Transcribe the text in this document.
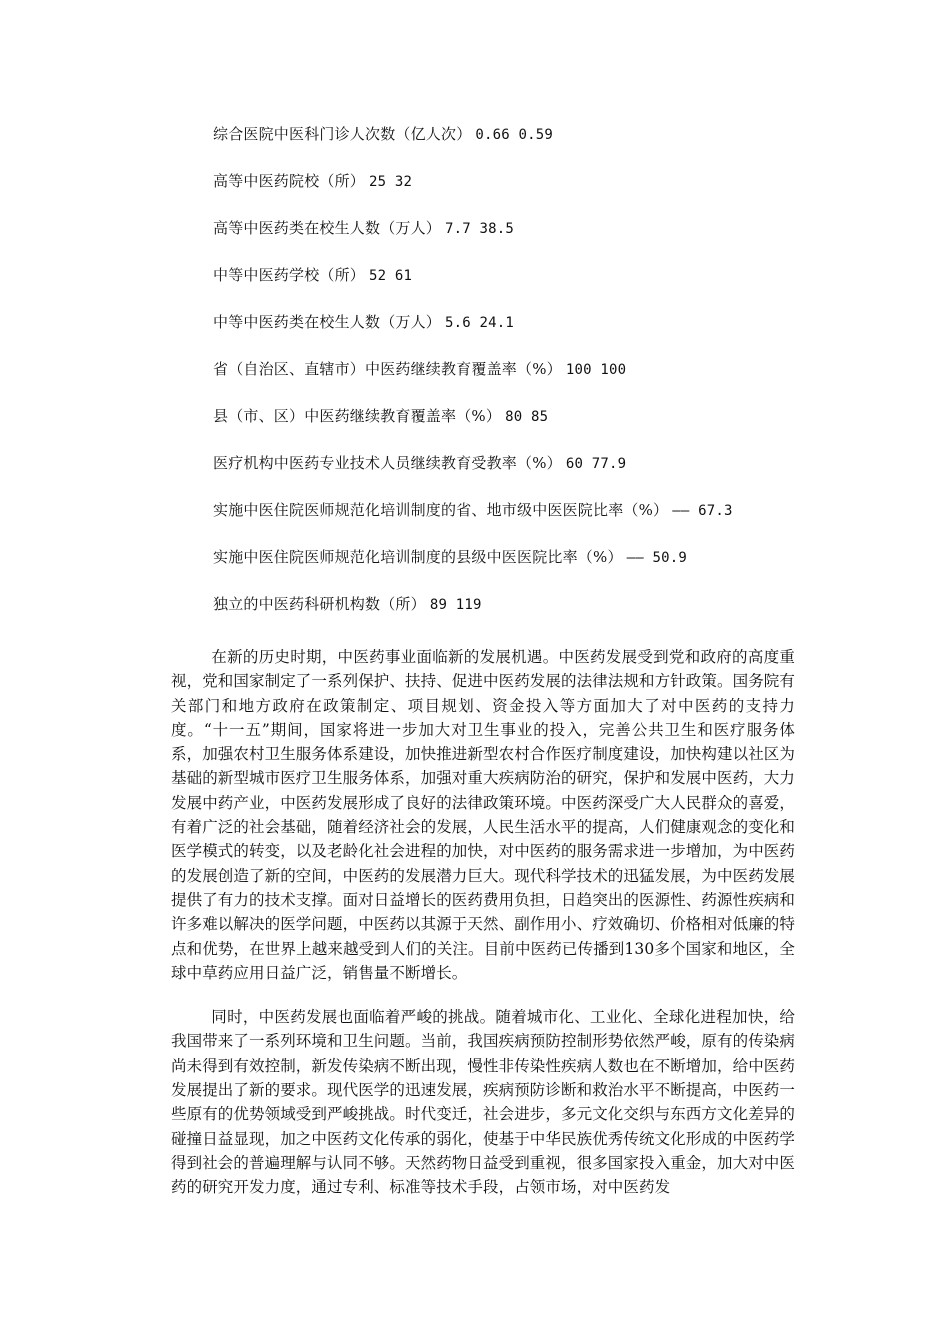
综合医院中医科门诊人次数（亿人次） 0.66 0.59
高等中医药院校（所） 25 32
高等中医药类在校生人数（万人） 7.7 38.5
中等中医药学校（所） 52 61
中等中医药类在校生人数（万人） 5.6 24.1
省（自治区、直辖市）中医药继续教育覆盖率（%） 100 100
县（市、区）中医药继续教育覆盖率（%） 80 85
医疗机构中医药专业技术人员继续教育受教率（%） 60 77.9
实施中医住院医师规范化培训制度的省、地市级中医医院比率（%） —— 67.3
实施中医住院医师规范化培训制度的县级中医医院比率（%） —— 50.9
独立的中医药科研机构数（所） 89 119

在新的历史时期，中医药事业面临新的发展机遇。中医药发展受到党和政府的高度重视，党和国家制定了一系列保护、扶持、促进中医药发展的法律法规和方针政策。国务院有关部门和地方政府在政策制定、项目规划、资金投入等方面加大了对中医药的支持力度。“十一五”期间，国家将进一步加大对卫生事业的投入，完善公共卫生和医疗服务体系，加强农村卫生服务体系建设，加快推进新型农村合作医疗制度建设，加快构建以社区为基础的新型城市医疗卫生服务体系，加强对重大疾病防治的研究，保护和发展中医药，大力发展中药产业，中医药发展形成了良好的法律政策环境。中医药深受广大人民群众的喜爱，有着广泛的社会基础，随着经济社会的发展，人民生活水平的提高，人们健康观念的变化和医学模式的转变，以及老龄化社会进程的加快，对中医药的服务需求进一步增加，为中医药的发展创造了新的空间，中医药的发展潜力巨大。现代科学技术的迅猛发展，为中医药发展提供了有力的技术支撑。面对日益增长的医药费用负担，日趋突出的医源性、药源性疾病和许多难以解决的医学问题，中医药以其源于天然、副作用小、疗效确切、价格相对低廉的特点和优势，在世界上越来越受到人们的关注。目前中医药已传播到130多个国家和地区，全球中草药应用日益广泛，销售量不断增长。

同时，中医药发展也面临着严峻的挑战。随着城市化、工业化、全球化进程加快，给我国带来了一系列环境和卫生问题。当前，我国疾病预防控制形势依然严峻，原有的传染病尚未得到有效控制，新发传染病不断出现，慢性非传染性疾病人数也在不断增加，给中医药发展提出了新的要求。现代医学的迅速发展，疾病预防诊断和救治水平不断提高，中医药一些原有的优势领域受到严峻挑战。时代变迁，社会进步，多元文化交织与东西方文化差异的碰撞日益显现，加之中医药文化传承的弱化，使基于中华民族优秀传统文化形成的中医药学得到社会的普遍理解与认同不够。天然药物日益受到重视，很多国家投入重金，加大对中医药的研究开发力度，通过专利、标准等技术手段，占领市场，对中医药发
